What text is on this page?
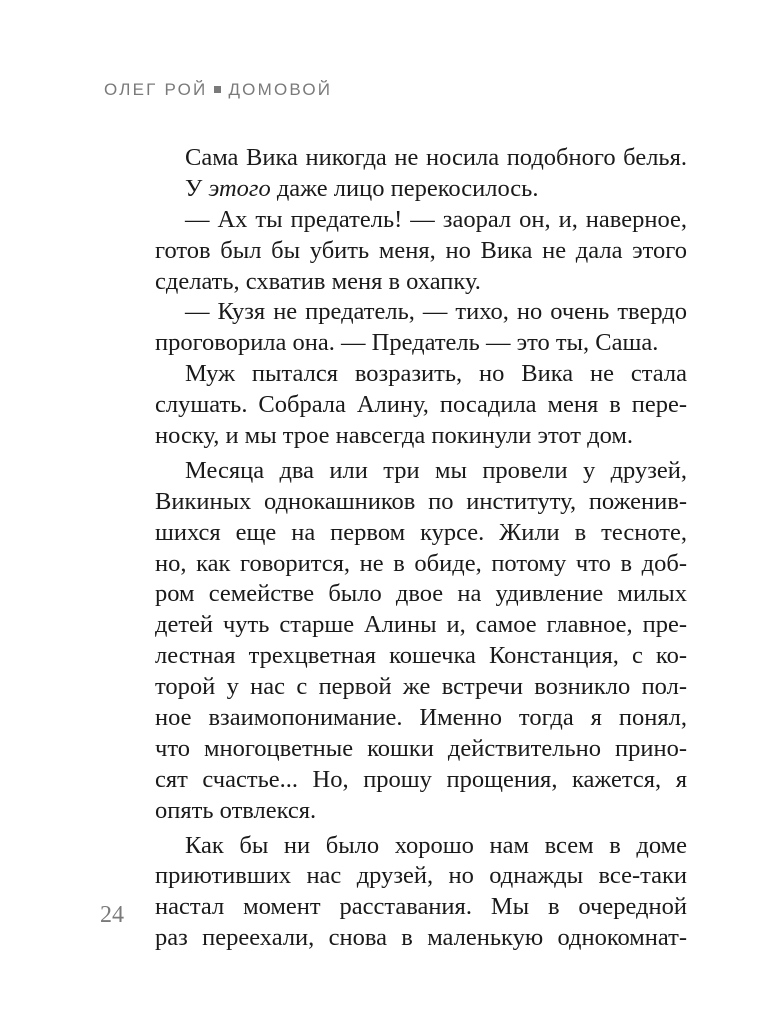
ОЛЕГ РОЙ ДОМОВОЙ
Сама Вика никогда не носила подобного белья.
У этого даже лицо перекосилось.
— Ах ты предатель! — заорал он, и, наверное,
готов был бы убить меня, но Вика не дала этого
сделать, схватив меня в охапку.
— Кузя не предатель, — тихо, но очень твердо
проговорила она. — Предатель — это ты, Саша.
Муж пытался возразить, но Вика не стала
слушать. Собрала Алину, посадила меня в пере-
носку, и мы трое навсегда покинули этот дом.
Месяца два или три мы провели у друзей,
Викиных однокашников по институту, поженив-
шихся еще на первом курсе. Жили в тесноте,
но, как говорится, не в обиде, потому что в доб-
ром семействе было двое на удивление милых
детей чуть старше Алины и, самое главное, пре-
лестная трехцветная кошечка Констанция, с ко-
торой у нас с первой же встречи возникло пол-
ное взаимопонимание. Именно тогда я понял,
что многоцветные кошки действительно прино-
сят счастье... Но, прошу прощения, кажется, я
опять отвлекся.
Как бы ни было хорошо нам всем в доме
приютивших нас друзей, но однажды все-таки
настал момент расставания. Мы в очередной
раз переехали, снова в маленькую однокомнат-
24
